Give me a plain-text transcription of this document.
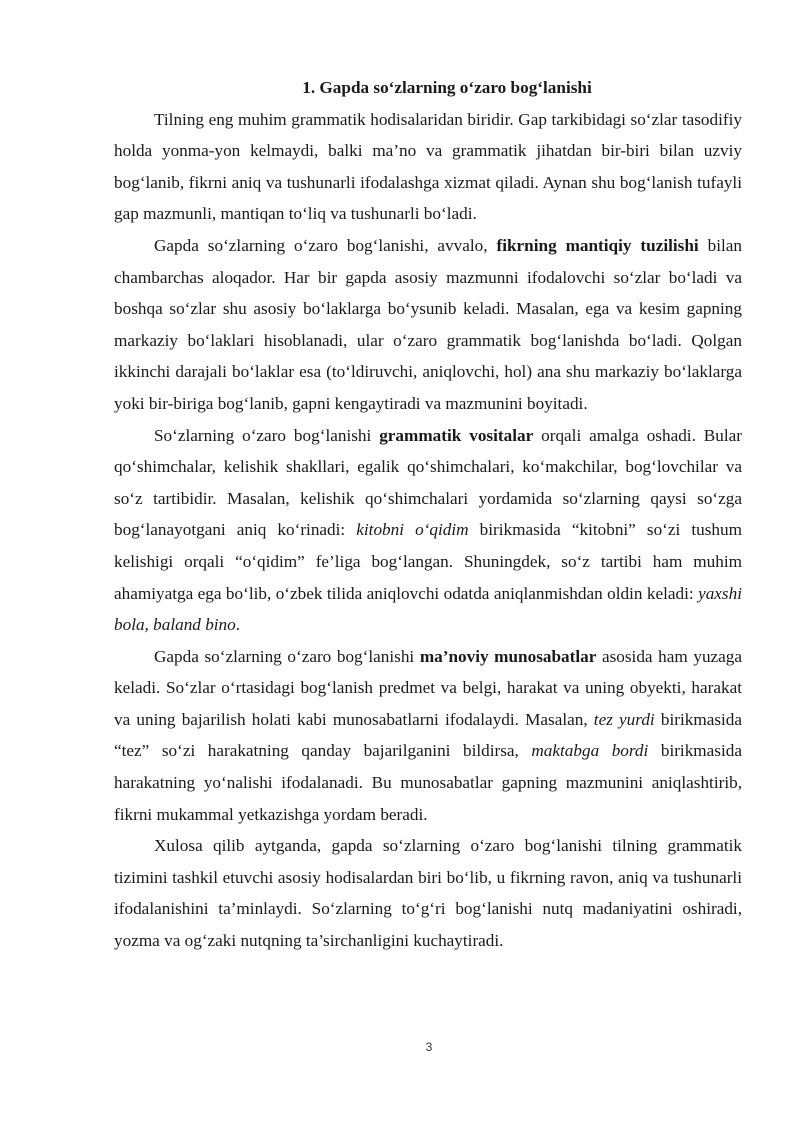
1. Gapda so‘zlarning o‘zaro bog‘lanishi

Tilning eng muhim grammatik hodisalaridan biridir. Gap tarkibidagi so‘zlar tasodifiy holda yonma-yon kelmaydi, balki ma’no va grammatik jihatdan bir-biri bilan uzviy bog‘lanib, fikrni aniq va tushunarli ifodalashga xizmat qiladi. Aynan shu bog‘lanish tufayli gap mazmunli, mantiqan to‘liq va tushunarli bo‘ladi.

Gapda so‘zlarning o‘zaro bog‘lanishi, avvalo, fikrning mantiqiy tuzilishi bilan chambarchas aloqador. Har bir gapda asosiy mazmunni ifodalovchi so‘zlar bo‘ladi va boshqa so‘zlar shu asosiy bo‘laklarga bo‘ysunib keladi. Masalan, ega va kesim gapning markaziy bo‘laklari hisoblanadi, ular o‘zaro grammatik bog‘lanishda bo‘ladi. Qolgan ikkinchi darajali bo‘laklar esa (to‘ldiruvchi, aniqlovchi, hol) ana shu markaziy bo‘laklarga yoki bir-biriga bog‘lanib, gapni kengaytiradi va mazmunini boyitadi.

So‘zlarning o‘zaro bog‘lanishi grammatik vositalar orqali amalga oshadi. Bular qo‘shimchalar, kelishik shakllari, egalik qo‘shimchalari, ko‘makchilar, bog‘lovchilar va so‘z tartibidir. Masalan, kelishik qo‘shimchalari yordamida so‘zlarning qaysi so‘zga bog‘lanayotgani aniq ko‘rinadi: kitobni o‘qidim birikmasida “kitobni” so‘zi tushum kelishigi orqali “o‘qidim” fe’liga bog‘langan. Shuningdek, so‘z tartibi ham muhim ahamiyatga ega bo‘lib, o‘zbek tilida aniqlovchi odatda aniqlanmishdan oldin keladi: yaxshi bola, baland bino.

Gapda so‘zlarning o‘zaro bog‘lanishi ma’noviy munosabatlar asosida ham yuzaga keladi. So‘zlar o‘rtasidagi bog‘lanish predmet va belgi, harakat va uning obyekti, harakat va uning bajarilish holati kabi munosabatlarni ifodalaydi. Masalan, tez yurdi birikmasida “tez” so‘zi harakatning qanday bajarilganini bildirsa, maktabga bordi birikmasida harakatning yo‘nalishi ifodalanadi. Bu munosabatlar gapning mazmunini aniqlashtirib, fikrni mukammal yetkazishga yordam beradi.

Xulosa qilib aytganda, gapda so‘zlarning o‘zaro bog‘lanishi tilning grammatik tizimini tashkil etuvchi asosiy hodisalardan biri bo‘lib, u fikrning ravon, aniq va tushunarli ifodalanishini ta’minlaydi. So‘zlarning to‘g‘ri bog‘lanishi nutq madaniyatini oshiradi, yozma va og‘zaki nutqning ta’sirchanligini kuchaytiradi.

3
